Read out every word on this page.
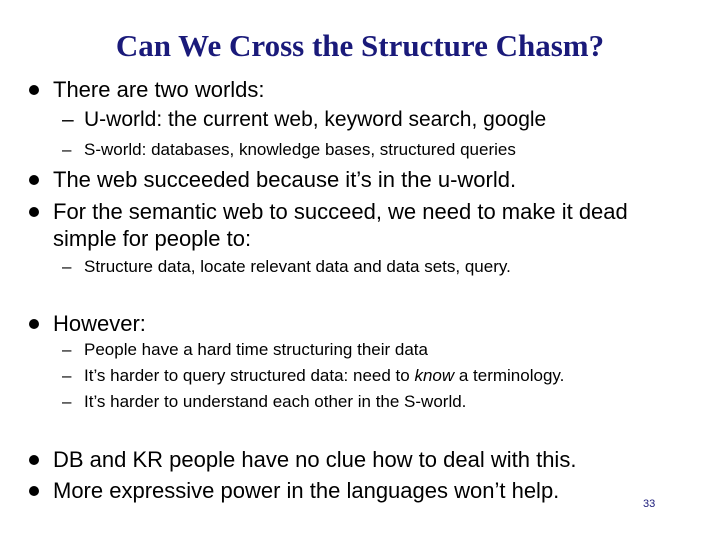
Can We Cross the Structure Chasm?
There are two worlds:
– U-world: the current web, keyword search, google
– S-world: databases, knowledge bases, structured queries
The web succeeded because it’s in the u-world.
For the semantic web to succeed, we need to make it dead
simple for people to:
– Structure data, locate relevant data and data sets, query.
However:
– People have a hard time structuring their data
– It’s harder to query structured data: need to know a terminology.
– It’s harder to understand each other in the S-world.
DB and KR people have no clue how to deal with this.
More expressive power in the languages won’t help.
33
